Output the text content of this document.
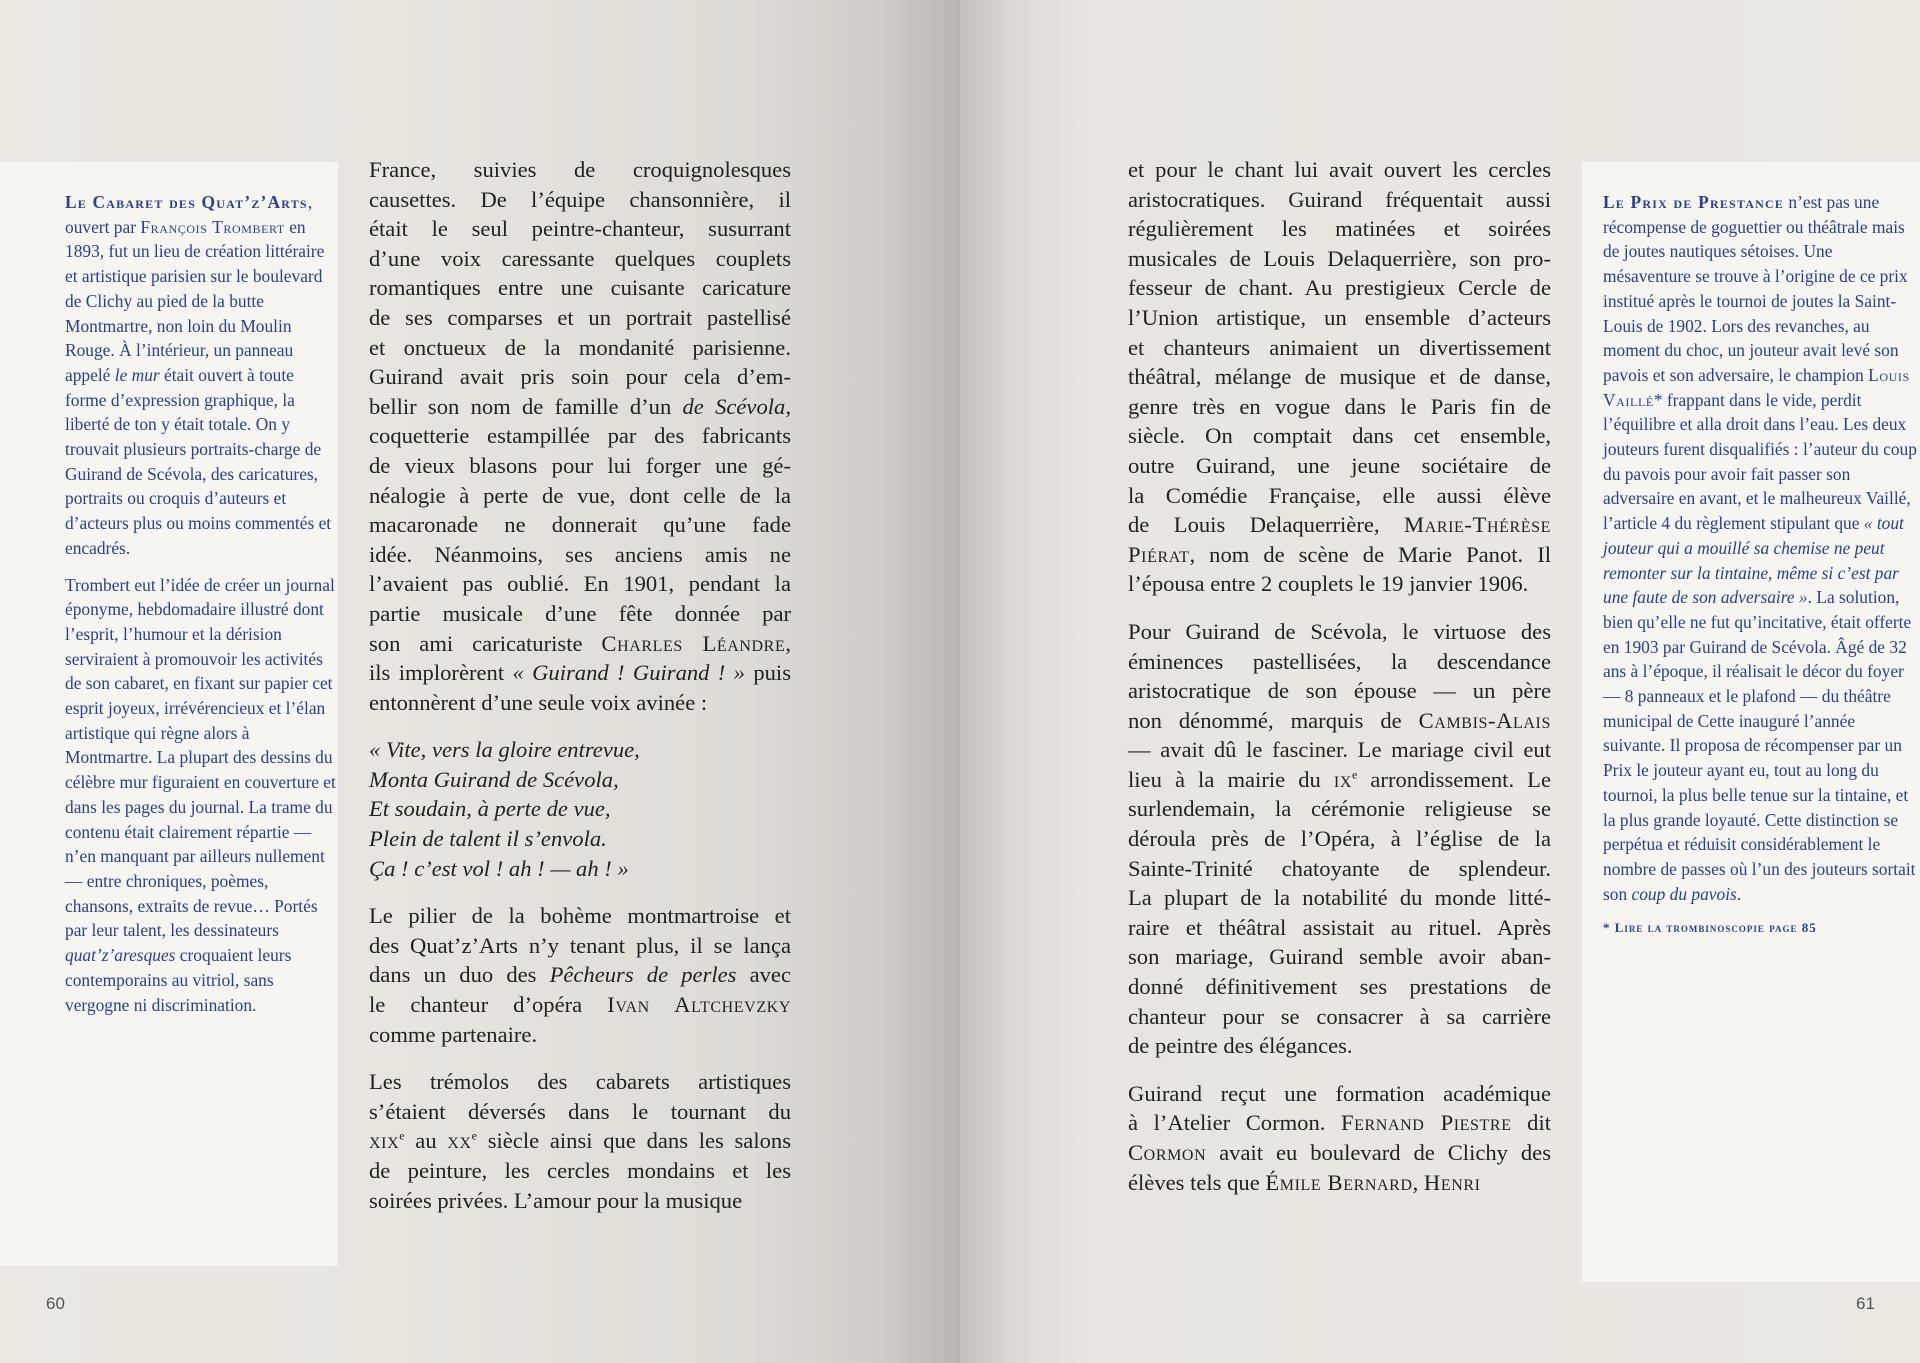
Le Cabaret des Quat’z’Arts, ouvert par François Trombert en 1893, fut un lieu de création littéraire et artistique parisien sur le boulevard de Clichy au pied de la butte Montmartre, non loin du Moulin Rouge. À l’intérieur, un panneau appelé le mur était ouvert à toute forme d’expression graphique, la liberté de ton y était totale. On y trouvait plusieurs portraits-charge de Guirand de Scévola, des caricatures, portraits ou croquis d’auteurs et d’acteurs plus ou moins commentés et encadrés.

Trombert eut l’idée de créer un journal éponyme, hebdomadaire illustré dont l’esprit, l’humour et la dérision serviraient à promouvoir les activités de son cabaret, en fixant sur papier cet esprit joyeux, irrévérencieux et l’élan artistique qui règne alors à Montmartre. La plupart des dessins du célèbre mur figuraient en couverture et dans les pages du journal. La trame du contenu était clairement répartie — n’en manquant par ailleurs nullement — entre chroniques, poèmes, chansons, extraits de revue… Portés par leur talent, les dessinateurs quat’z’aresques croquaient leurs contemporains au vitriol, sans vergogne ni discrimination.

France, suivies de croquignolesques
causettes. De l’équipe chansonnière, il
était le seul peintre-chanteur, susurrant
d’une voix caressante quelques couplets
romantiques entre une cuisante caricature
de ses comparses et un portrait pastellisé
et onctueux de la mondanité parisienne.
Guirand avait pris soin pour cela d’em-
bellir son nom de famille d’un de Scévola,
coquetterie estampillée par des fabricants
de vieux blasons pour lui forger une gé-
néalogie à perte de vue, dont celle de la
macaronade ne donnerait qu’une fade
idée. Néanmoins, ses anciens amis ne
l’avaient pas oublié. En 1901, pendant la
partie musicale d’une fête donnée par
son ami caricaturiste Charles Léandre,
ils implorèrent « Guirand ! Guirand ! » puis
entonnèrent d’une seule voix avinée :

« Vite, vers la gloire entrevue,
Monta Guirand de Scévola,
Et soudain, à perte de vue,
Plein de talent il s’envola.
Ça ! c’est vol ! ah ! — ah ! »

Le pilier de la bohème montmartroise et
des Quat’z’Arts n’y tenant plus, il se lança
dans un duo des Pêcheurs de perles avec
le chanteur d’opéra Ivan Altchevzky
comme partenaire.

Les trémolos des cabarets artistiques
s’étaient déversés dans le tournant du
xix$^e$ au $xx^e$ siècle ainsi que dans les salons
de peinture, les cercles mondains et les
soirées privées. L’amour pour la musique

et pour le chant lui avait ouvert les cercles
aristocratiques. Guirand fréquentait aussi
régulièrement les matinées et soirées
musicales de Louis Delaquerrière, son pro-
fesseur de chant. Au prestigieux Cercle de
l’Union artistique, un ensemble d’acteurs
et chanteurs animaient un divertissement
théâtral, mélange de musique et de danse,
genre très en vogue dans le Paris fin de
siècle. On comptait dans cet ensemble,
outre Guirand, une jeune sociétaire de
la Comédie Française, elle aussi élève
de Louis Delaquerrière, Marie-Thérèse
Piérat, nom de scène de Marie Panot. Il
l’épousa entre 2 couplets le 19 janvier 1906.

Pour Guirand de Scévola, le virtuose des
éminences pastellisées, la descendance
aristocratique de son épouse — un père
non dénommé, marquis de Cambis-Alais
— avait dû le fasciner. Le mariage civil eut
lieu à la mairie du $ix^e$ arrondissement. Le
surlendemain, la cérémonie religieuse se
déroula près de l’Opéra, à l’église de la
Sainte-Trinité chatoyante de splendeur.
La plupart de la notabilité du monde litté-
raire et théâtral assistait au rituel. Après
son mariage, Guirand semble avoir aban-
donné définitivement ses prestations de
chanteur pour se consacrer à sa carrière
de peintre des élégances.

Guirand reçut une formation académique
à l’Atelier Cormon. Fernand Piestre dit
Cormon avait eu boulevard de Clichy des
élèves tels que Émile Bernard, Henri

Le Prix de Prestance n’est pas une récompense de goguettier ou théâtrale mais de joutes nautiques sétoises. Une mésaventure se trouve à l’origine de ce prix institué après le tournoi de joutes la Saint-Louis de 1902. Lors des revanches, au moment du choc, un jouteur avait levé son pavois et son adversaire, le champion Louis Vaillé* frappant dans le vide, perdit l’équilibre et alla droit dans l’eau. Les deux jouteurs furent disqualifiés : l’auteur du coup du pavois pour avoir fait passer son adversaire en avant, et le malheureux Vaillé, l’article 4 du règlement stipulant que « tout jouteur qui a mouillé sa chemise ne peut remonter sur la tintaine, même si c’est par une faute de son adversaire ». La solution, bien qu’elle ne fut qu’incitative, était offerte en 1903 par Guirand de Scévola. Âgé de 32 ans à l’époque, il réalisait le décor du foyer — 8 panneaux et le plafond — du théâtre municipal de Cette inauguré l’année suivante. Il proposa de récompenser par un Prix le jouteur ayant eu, tout au long du tournoi, la plus belle tenue sur la tintaine, et la plus grande loyauté. Cette distinction se perpétua et réduisit considérablement le nombre de passes où l’un des jouteurs sortait son coup du pavois.

* Lire la trombinoscopie page 85

60	61
